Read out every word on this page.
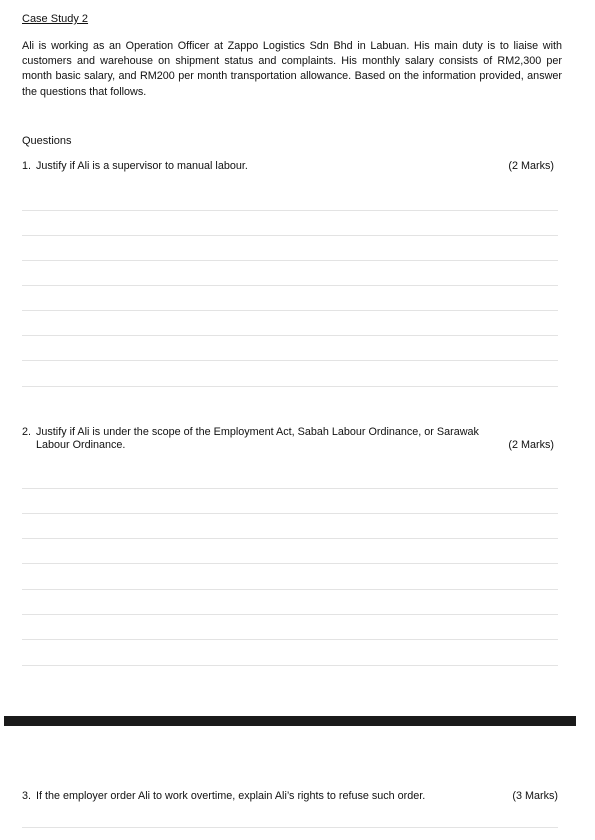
Case Study 2

Ali is working as an Operation Officer at Zappo Logistics Sdn Bhd in Labuan. His main duty is to liaise with customers and warehouse on shipment status and complaints. His monthly salary consists of RM2,300 per month basic salary, and RM200 per month transportation allowance. Based on the information provided, answer the questions that follows.

Questions
1. Justify if Ali is a supervisor to manual labour.	(2 Marks)
2. Justify if Ali is under the scope of the Employment Act, Sabah Labour Ordinance, or Sarawak Labour Ordinance.	(2 Marks)
3. If the employer order Ali to work overtime, explain Ali’s rights to refuse such order.	(3 Marks)
